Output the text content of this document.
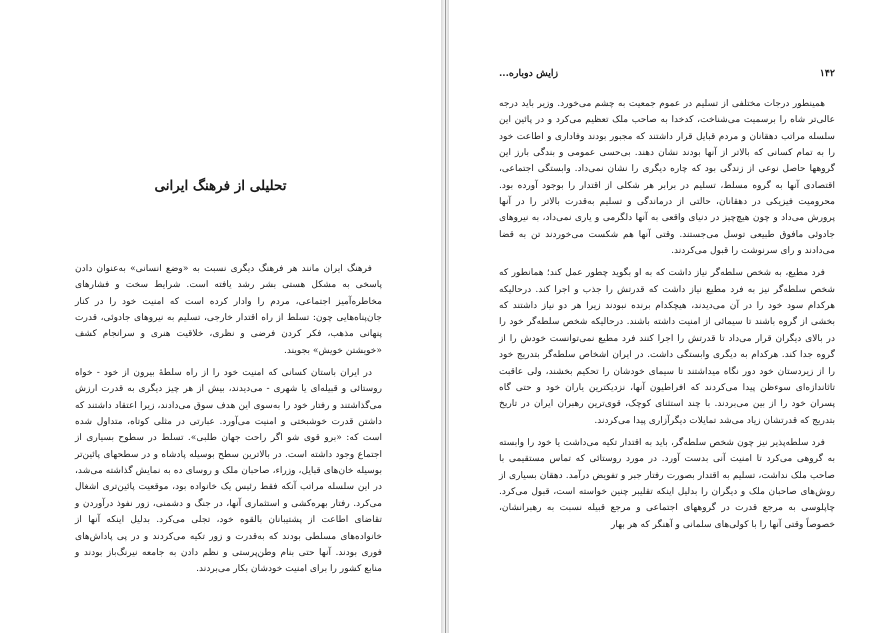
تحلیلی از فرهنگ ایرانی

فرهنگ ایران مانند هر فرهنگ دیگری نسبت به «وضع انسانی» به‌عنوان دادن پاسخی به مشکل هستی بشر رشد یافته است. شرایط سخت و فشارهای مخاطره‌آمیز اجتماعی، مردم را وادار کرده است که امنیت خود را در کنار جان‌پناه‌هایی چون: تسلط از راه اقتدار خارجی، تسلیم به نیروهای جادوئی، قدرت پنهانی مذهب، فکر کردن فرضی و نظری، خلاقیت هنری و سرانجام کشف «خویشتن خویش» بجویند.

در ایران باستان کسانی که امنیت خود را از راه سلطهٔ بیرون از خود - خواه روستائی و قبیله‌ای یا شهری - می‌دیدند، بیش از هر چیز دیگری به قدرت ارزش می‌گذاشتند و رفتار خود را به‌سوی این هدف سوق می‌دادند، زیرا اعتقاد داشتند که داشتن قدرت خوشبختی و امنیت می‌آورد. عبارتی در مثلی کوتاه، متداول شده است که: «برو قوی شو اگر راحت جهان طلبی». تسلط در سطوح بسیاری از اجتماع وجود داشته است. در بالاترین سطح بوسیله پادشاه و در سطحهای پائین‌تر بوسیله خان‌های قبایل، وزراء، صاحبان ملک و روسای ده به نمایش گذاشته می‌شد، در این سلسله مراتب آنکه فقط رئیس یک خانواده بود، موقعیت پائین‌تری اشغال می‌کرد. رفتار بهره‌کشی و استثماری آنها، در جنگ و دشمنی، زور نفوذ درآوردن و تقاضای اطاعت از پشتیبانان بالقوه خود، تجلی می‌کرد. بدلیل اینکه آنها از خانواده‌های مسلطی بودند که به‌قدرت و زور تکیه می‌کردند و در پی پاداش‌های فوری بودند. آنها حتی بنام وطن‌پرستی و نظم دادن به جامعه نیرنگ‌باز بودند و منابع کشور را برای امنیت خودشان بکار می‌بردند.

زایش دوباره...	۱۴۲

همینطور درجات مختلفی از تسلیم در عموم جمعیت به چشم می‌خورد. وزیر باید درجه عالی‌تر شاه را برسمیت می‌شناخت، کدخدا به صاحب ملک تعظیم می‌کرد و در پائین این سلسله مراتب دهقانان و مردم قبایل قرار داشتند که مجبور بودند وفاداری و اطاعت خود را به تمام کسانی که بالاتر از آنها بودند نشان دهند. بی‌حسی عمومی و بندگی بارز این گروهها حاصل نوعی از زندگی بود که چاره دیگری را نشان نمی‌داد. وابستگی اجتماعی، اقتصادی آنها به گروه مسلط، تسلیم در برابر هر شکلی از اقتدار را بوجود آورده بود. محرومیت فیزیکی در دهقانان، حالتی از درماندگی و تسلیم به‌قدرت بالاتر را در آنها پرورش می‌داد و چون هیچ‌چیز در دنیای واقعی به آنها دلگرمی و یاری نمی‌داد، به نیروهای جادوئی مافوق طبیعی توسل می‌جستند. وقتی آنها هم شکست می‌خوردند تن به قضا می‌دادند و رای سرنوشت را قبول می‌کردند.

فرد مطیع، به شخص سلطه‌گر نیاز داشت که به او بگوید چطور عمل کند؛ همانطور که شخص سلطه‌گر نیز به فرد مطیع نیاز داشت که قدرتش را جذب و اجرا کند. درحالیکه هرکدام سود خود را در آن می‌دیدند، هیچکدام برنده نبودند زیرا هر دو نیاز داشتند که بخشی از گروه باشند تا سیمائی از امنیت داشته باشند. درحالیکه شخص سلطه‌گر خود را در بالای دیگران قرار می‌داد تا قدرتش را اجرا کنند فرد مطیع نمی‌توانست خودش را از گروه جدا کند. هرکدام به دیگری وابستگی داشت. در ایران اشخاص سلطه‌گر بتدریج خود را از زیردستان خود دور نگاه میداشتند تا سیمای خودشان را تحکیم بخشند، ولی عاقبت تاثاندازه‌ای سوءظن پیدا می‌کردند که افراطیون آنها، نزدیکترین یاران خود و حتی گاه پسران خود را از بین می‌بردند. با چند استثنای کوچک، قوی‌ترین رهبران ایران در تاریخ بتدریج که قدرتشان زیاد می‌شد تمایلات دیگرآزاری پیدا می‌کردند.

فرد سلطه‌پذیر نیز چون شخص سلطه‌گر، باید به اقتدار تکیه می‌داشت یا خود را وابسته به گروهی می‌کرد تا امنیت آنی بدست آورد. در مورد روستائی که تماس مستقیمی با صاحب ملک نداشت، تسلیم به اقتدار بصورت رفتار جبر و تفویض درآمد. دهقان بسیاری از روش‌های صاحبان ملک و دیگران را بدلیل اینکه تقلیبر چنین خواسته است، قبول می‌کرد. چاپلوسی به مرجع قدرت در گروههای اجتماعی و مرجع قبیله نسبت به رهبرانشان، خصوصاً وقتی آنها را با کولی‌های سلمانی و آهنگر که هر بهار
